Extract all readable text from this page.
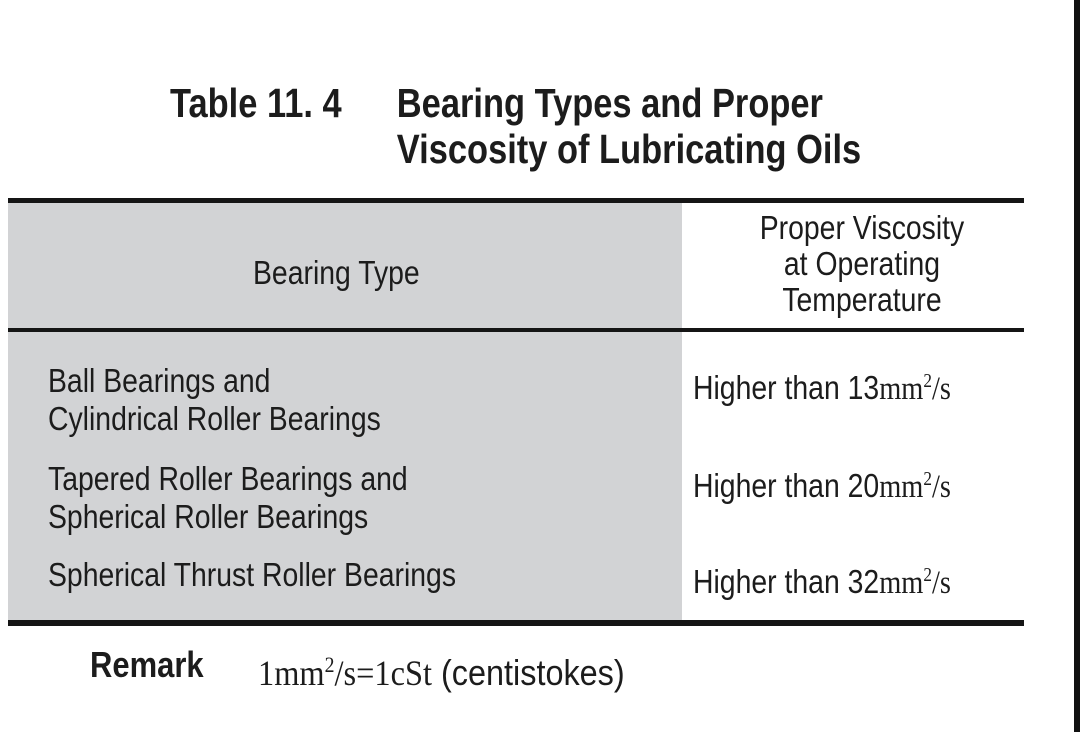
Table 11. 4 Bearing Types and Proper
Viscosity of Lubricating Oils
Bearing Type
Proper Viscosity
at Operating
Temperature
Ball Bearings and
Cylindrical Roller Bearings
Higher than $13mm^2/s$
Tapered Roller Bearings and
Spherical Roller Bearings
Higher than $20mm^2/s$
Spherical Thrust Roller Bearings	Higher than $32mm^2/s$
Remark $1mm^2/s=1cSt$ (centistokes)
